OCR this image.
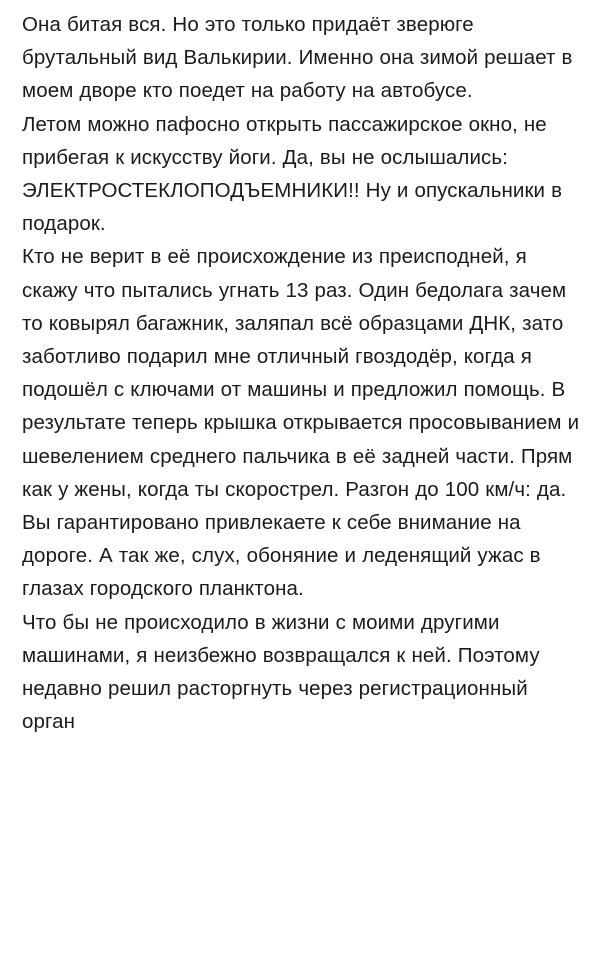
Она битая вся. Но это только придаёт зверюге брутальный вид Валькирии. Именно она зимой решает в моем дворе кто поедет на работу на автобусе.

Летом можно пафосно открыть пассажирское окно, не прибегая к искусству йоги. Да, вы не ослышались:

ЭЛЕКТРОСТЕКЛОПОДЪЕМНИКИ!! Ну и опускальники в подарок.

Кто не верит в её происхождение из преисподней, я скажу что пытались угнать 13 раз. Один бедолага зачем то ковырял багажник, заляпал всё образцами ДНК, зато заботливо подарил мне отличный гвоздодёр, когда я подошёл с ключами от машины и предложил помощь. В результате теперь крышка открывается просовыванием и шевелением среднего пальчика в её задней части. Прям как у жены, когда ты скорострел. Разгон до 100 км/ч: да.

Вы гарантировано привлекаете к себе внимание на дороге. А так же, слух, обоняние и леденящий ужас в глазах городского планктона.

Что бы не происходило в жизни с моими другими машинами, я неизбежно возвращался к ней. Поэтому недавно решил расторгнуть через регистрационный орган
